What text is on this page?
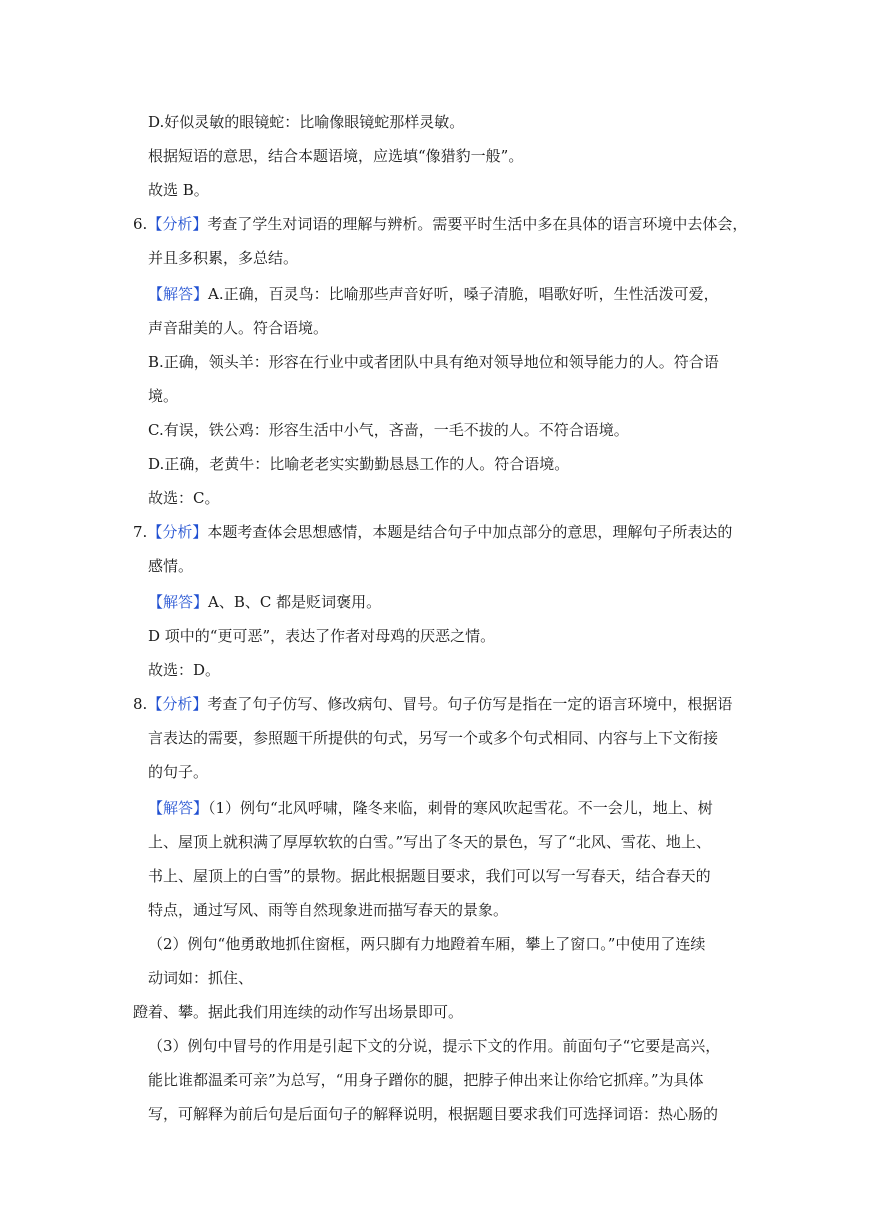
D.好似灵敏的眼镜蛇：比喻像眼镜蛇那样灵敏。
根据短语的意思，结合本题语境，应选填“像猎豹一般”。
故选 B。
6.【分析】考查了学生对词语的理解与辨析。需要平时生活中多在具体的语言环境中去体会，
并且多积累，多总结。
【解答】A.正确，百灵鸟：比喻那些声音好听，嗓子清脆，唱歌好听，生性活泼可爱，
声音甜美的人。符合语境。
B.正确，领头羊：形容在行业中或者团队中具有绝对领导地位和领导能力的人。符合语
境。
C.有误，铁公鸡：形容生活中小气，吝啬，一毛不拔的人。不符合语境。
D.正确，老黄牛：比喻老老实实勤勤恳恳工作的人。符合语境。
故选：C。
7.【分析】本题考查体会思想感情，本题是结合句子中加点部分的意思，理解句子所表达的
感情。
【解答】A、B、C 都是贬词褒用。
D 项中的“更可恶”，表达了作者对母鸡的厌恶之情。
故选：D。
8.【分析】考查了句子仿写、修改病句、冒号。句子仿写是指在一定的语言环境中，根据语
言表达的需要，参照题干所提供的句式，另写一个或多个句式相同、内容与上下文衔接
的句子。
【解答】（1）例句“北风呼啸，隆冬来临，刺骨的寒风吹起雪花。不一会儿，地上、树
上、屋顶上就积满了厚厚软软的白雪。”写出了冬天的景色，写了“北风、雪花、地上、
书上、屋顶上的白雪”的景物。据此根据题目要求，我们可以写一写春天，结合春天的
特点，通过写风、雨等自然现象进而描写春天的景象。
（2）例句“他勇敢地抓住窗框，两只脚有力地蹬着车厢，攀上了窗口。”中使用了连续
动词如：抓住、
蹬着、攀。据此我们用连续的动作写出场景即可。
（3）例句中冒号的作用是引起下文的分说，提示下文的作用。前面句子“它要是高兴，
能比谁都温柔可亲”为总写，“用身子蹭你的腿，把脖子伸出来让你给它抓痒。”为具体
写，可解释为前后句是后面句子的解释说明，根据题目要求我们可选择词语：热心肠的
